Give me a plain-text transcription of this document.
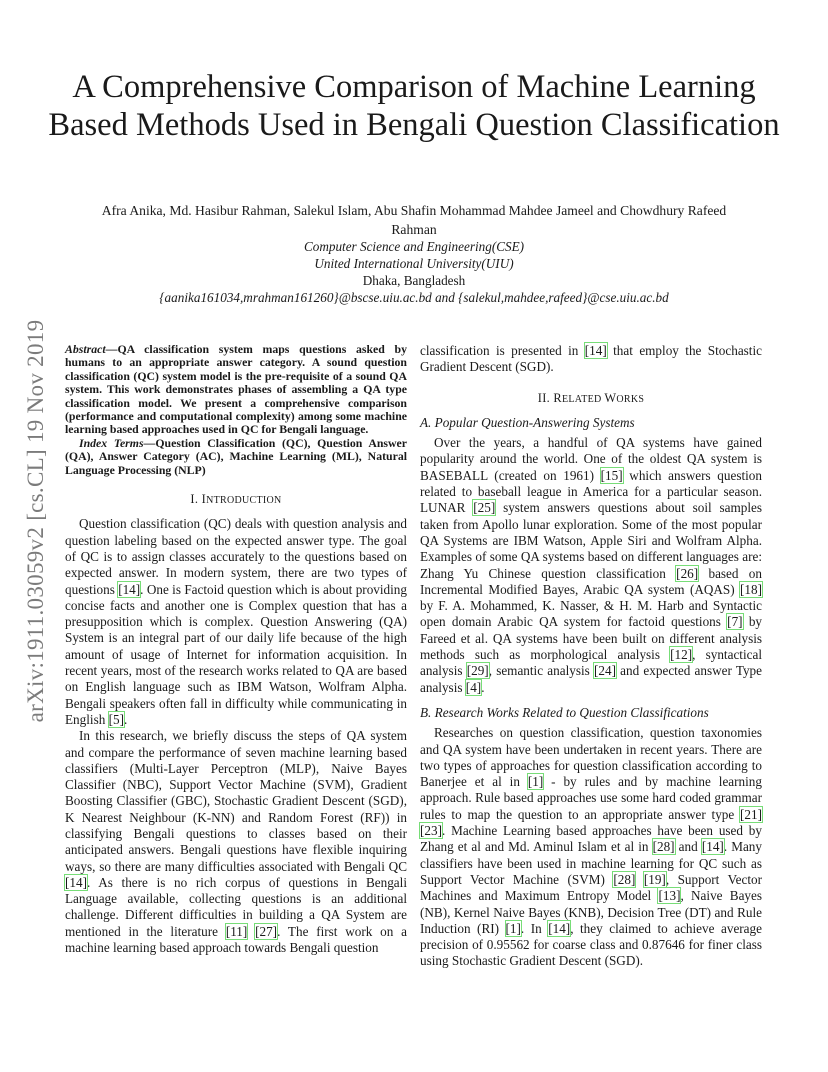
arXiv:1911.03059v2 [cs.CL] 19 Nov 2019
A Comprehensive Comparison of Machine Learning Based Methods Used in Bengali Question Classification
Afra Anika, Md. Hasibur Rahman, Salekul Islam, Abu Shafin Mohammad Mahdee Jameel and Chowdhury Rafeed Rahman
Computer Science and Engineering(CSE)
United International University(UIU)
Dhaka, Bangladesh
{aanika161034,mrahman161260}@bscse.uiu.ac.bd and {salekul,mahdee,rafeed}@cse.uiu.ac.bd

Abstract—QA classification system maps questions asked by humans to an appropriate answer category. A sound question classification (QC) system model is the pre-requisite of a sound QA system. This work demonstrates phases of assembling a QA type classification model. We present a comprehensive comparison (performance and computational complexity) among some machine learning based approaches used in QC for Bengali language.

Index Terms—Question Classification (QC), Question Answer (QA), Answer Category (AC), Machine Learning (ML), Natural Language Processing (NLP)

I. INTRODUCTION

Question classification (QC) deals with question analysis and question labeling based on the expected answer type. The goal of QC is to assign classes accurately to the questions based on expected answer. In modern system, there are two types of questions [14]. One is Factoid question which is about providing concise facts and another one is Complex question that has a presupposition which is complex. Question Answering (QA) System is an integral part of our daily life because of the high amount of usage of Internet for information acquisition. In recent years, most of the research works related to QA are based on English language such as IBM Watson, Wolfram Alpha. Bengali speakers often fall in difficulty while communicating in English [5].

In this research, we briefly discuss the steps of QA system and compare the performance of seven machine learning based classifiers (Multi-Layer Perceptron (MLP), Naive Bayes Classifier (NBC), Support Vector Machine (SVM), Gradient Boosting Classifier (GBC), Stochastic Gradient Descent (SGD), K Nearest Neighbour (K-NN) and Random Forest (RF)) in classifying Bengali questions to classes based on their anticipated answers. Bengali questions have flexible inquiring ways, so there are many difficulties associated with Bengali QC [14]. As there is no rich corpus of questions in Bengali Language available, collecting questions is an additional challenge. Different difficulties in building a QA System are mentioned in the literature [11] [27]. The first work on a machine learning based approach towards Bengali question

classification is presented in [14] that employ the Stochastic Gradient Descent (SGD).

II. RELATED WORKS
A. Popular Question-Answering Systems

Over the years, a handful of QA systems have gained popularity around the world. One of the oldest QA system is BASEBALL (created on 1961) [15] which answers question related to baseball league in America for a particular season. LUNAR [25] system answers questions about soil samples taken from Apollo lunar exploration. Some of the most popular QA Systems are IBM Watson, Apple Siri and Wolfram Alpha. Examples of some QA systems based on different languages are: Zhang Yu Chinese question classification [26] based on Incremental Modified Bayes, Arabic QA system (AQAS) [18] by F. A. Mohammed, K. Nasser, & H. M. Harb and Syntactic open domain Arabic QA system for factoid questions [7] by Fareed et al. QA systems have been built on different analysis methods such as morphological analysis [12], syntactical analysis [29], semantic analysis [24] and expected answer Type analysis [4].

B. Research Works Related to Question Classifications

Researches on question classification, question taxonomies and QA system have been undertaken in recent years. There are two types of approaches for question classification according to Banerjee et al in [1] - by rules and by machine learning approach. Rule based approaches use some hard coded grammar rules to map the question to an appropriate answer type [21] [23]. Machine Learning based approaches have been used by Zhang et al and Md. Aminul Islam et al in [28] and [14]. Many classifiers have been used in machine learning for QC such as Support Vector Machine (SVM) [28] [19], Support Vector Machines and Maximum Entropy Model [13], Naive Bayes (NB), Kernel Naive Bayes (KNB), Decision Tree (DT) and Rule Induction (RI) [1]. In [14], they claimed to achieve average precision of 0.95562 for coarse class and 0.87646 for finer class using Stochastic Gradient Descent (SGD).
